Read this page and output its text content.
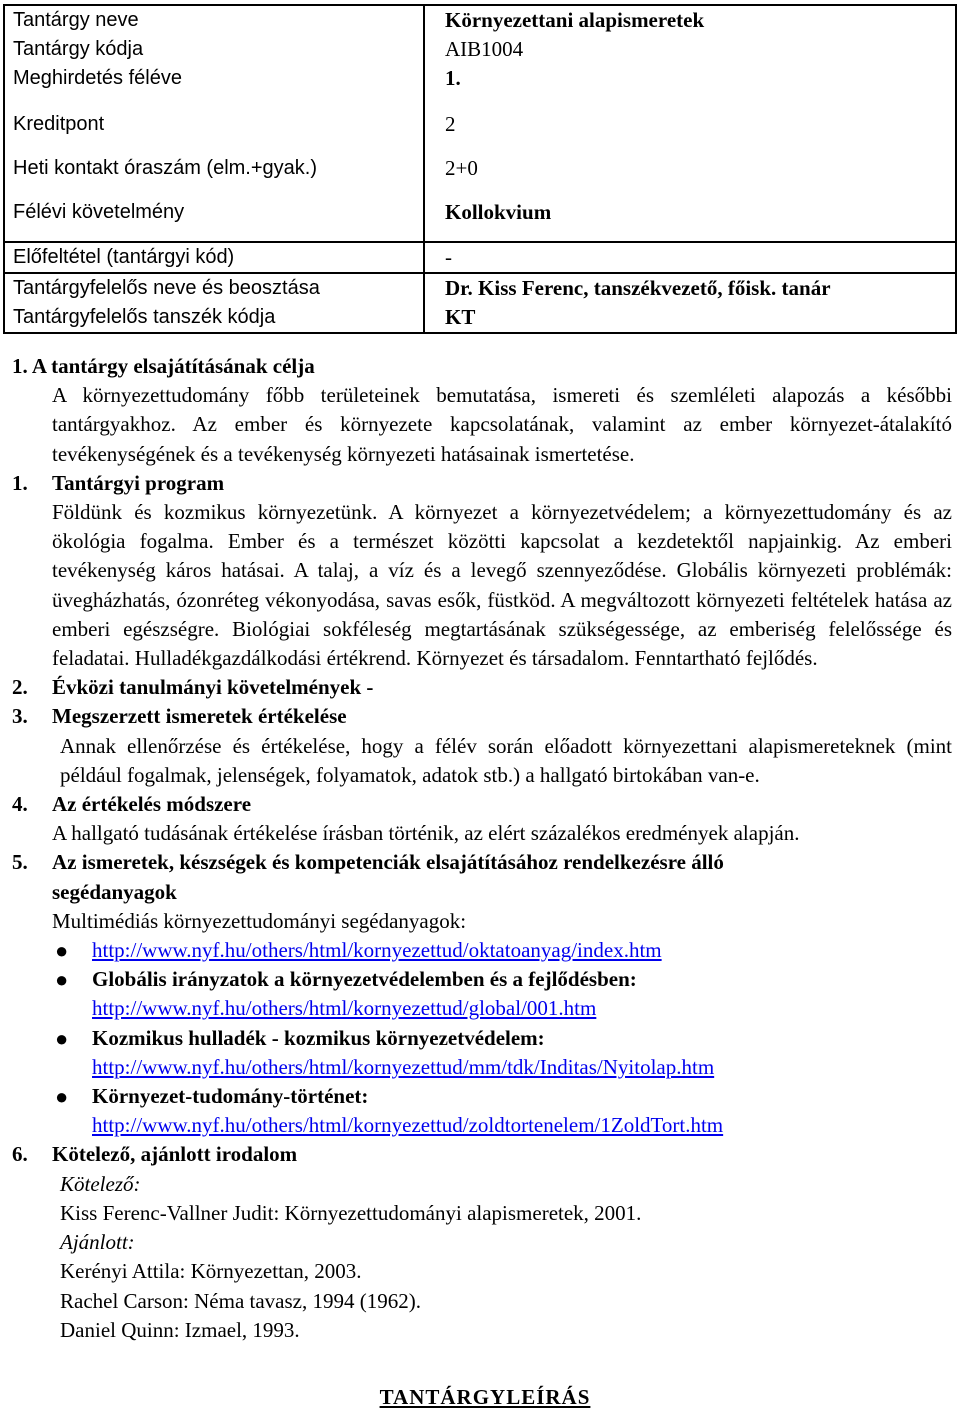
Tantárgy neve	Környezettani alapismeretek
Tantárgy kódja	AIB1004
Meghirdetés féléve	1.
Kreditpont	2
Heti kontakt óraszám (elm.+gyak.)	2+0
Félévi követelmény	Kollokvium
Előfeltétel (tantárgyi kód)	-
Tantárgyfelelős neve és beosztása	Dr. Kiss Ferenc, tanszékvezető, főisk. tanár
Tantárgyfelelős tanszék kódja	KT
1. A tantárgy elsajátításának célja
A környezettudomány főbb területeinek bemutatása, ismereti és szemléleti alapozás a későbbi tantárgyakhoz. Az ember és környezete kapcsolatának, valamint az ember környezet-átalakító tevékenységének és a tevékenység környezeti hatásainak ismertetése.
1. Tantárgyi program
Földünk és kozmikus környezetünk. A környezet a környezetvédelem; a környezettudomány és az ökológia fogalma. Ember és a természet közötti kapcsolat a kezdetektől napjainkig. Az emberi tevékenység káros hatásai. A talaj, a víz és a levegő szennyeződése. Globális környezeti problémák: üvegházhatás, ózonréteg vékonyodása, savas esők, füstköd. A megváltozott környezeti feltételek hatása az emberi egészségre. Biológiai sokféleség megtartásának szükségessége, az emberiség felelőssége és feladatai. Hulladékgazdálkodási értékrend. Környezet és társadalom. Fenntartható fejlődés.
2. Évközi tanulmányi követelmények -
3. Megszerzett ismeretek értékelése
Annak ellenőrzése és értékelése, hogy a félév során előadott környezettani alapismereteknek (mint például fogalmak, jelenségek, folyamatok, adatok stb.) a hallgató birtokában van-e.
4. Az értékelés módszere
A hallgató tudásának értékelése írásban történik, az elért százalékos eredmények alapján.
5. Az ismeretek, készségek és kompetenciák elsajátításához rendelkezésre álló
segédanyagok
Multimédiás környezettudományi segédanyagok:
● http://www.nyf.hu/others/html/kornyezettud/oktatoanyag/index.htm
● Globális irányzatok a környezetvédelemben és a fejlődésben:
http://www.nyf.hu/others/html/kornyezettud/global/001.htm
● Kozmikus hulladék - kozmikus környezetvédelem:
http://www.nyf.hu/others/html/kornyezettud/mm/tdk/Inditas/Nyitolap.htm
● Környezet-tudomány-történet:
http://www.nyf.hu/others/html/kornyezettud/zoldtortenelem/1ZoldTort.htm
6. Kötelező, ajánlott irodalom
Kötelező:
Kiss Ferenc-Vallner Judit: Környezettudományi alapismeretek, 2001.
Ajánlott:
Kerényi Attila: Környezettan, 2003.
Rachel Carson: Néma tavasz, 1994 (1962).
Daniel Quinn: Izmael, 1993.
TANTÁRGYLEÍRÁS
